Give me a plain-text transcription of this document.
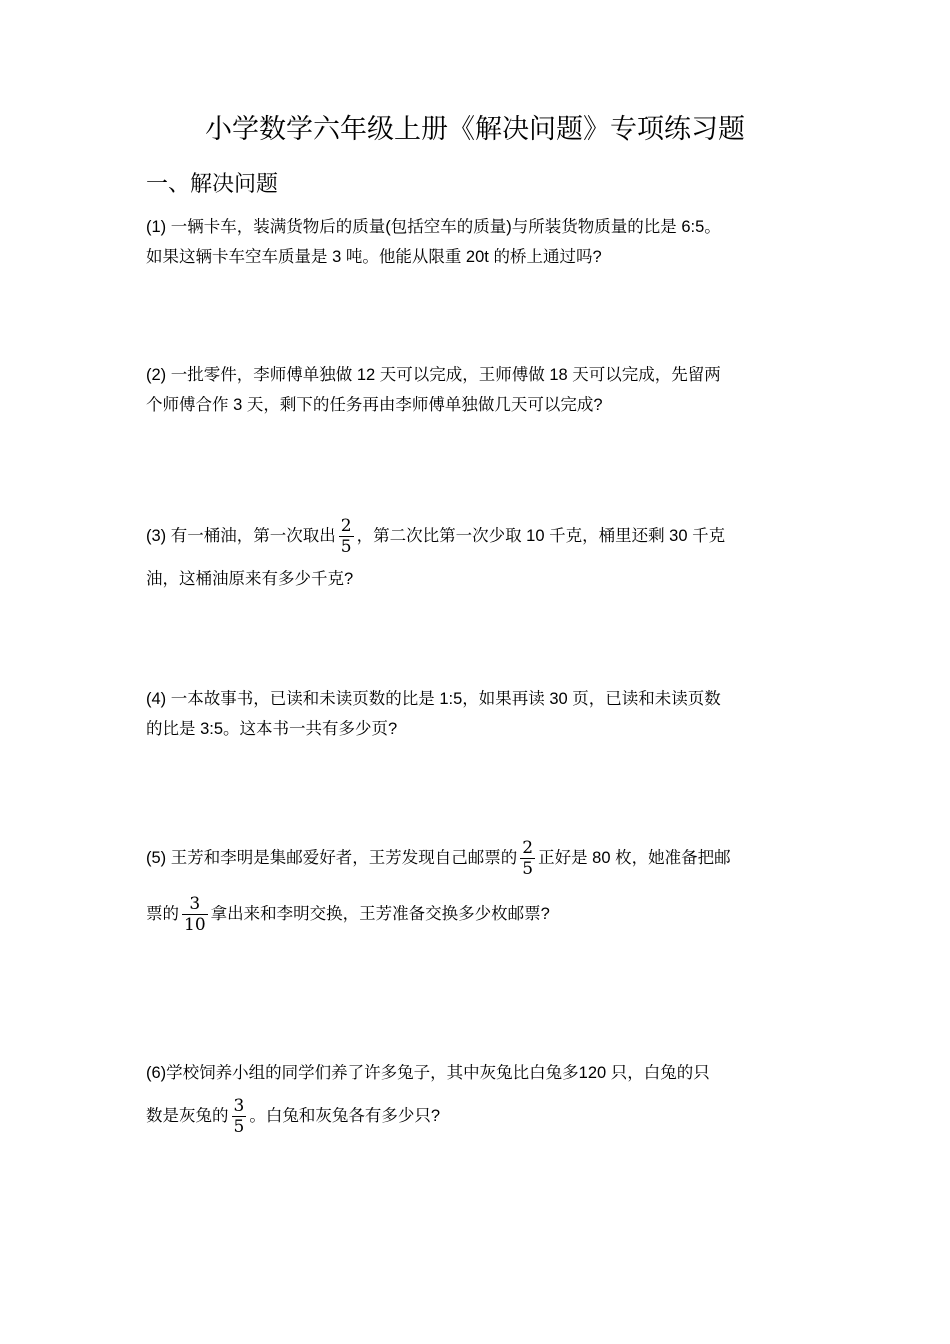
小学数学六年级上册《解决问题》专项练习题
一、解决问题
(1) 一辆卡车，装满货物后的质量(包括空车的质量)与所装货物质量的比是 6:5。
如果这辆卡车空车质量是 3 吨。他能从限重 20t 的桥上通过吗?
(2) 一批零件，李师傅单独做 12 天可以完成，王师傅做 18 天可以完成，先留两
个师傅合作 3 天，剩下的任务再由李师傅单独做几天可以完成?
(3) 有一桶油，第一次取出 $\frac{2}{5}$ ，第二次比第一次少取 10 千克，桶里还剩 30 千克
油，这桶油原来有多少千克?
(4) 一本故事书，已读和未读页数的比是 1:5，如果再读 30 页，已读和未读页数
的比是 3:5。这本书一共有多少页?
(5) 王芳和李明是集邮爱好者，王芳发现自己邮票的 $\frac{2}{5}$ 正好是 80 枚，她准备把邮
票的 $\frac{3}{10}$ 拿出来和李明交换，王芳准备交换多少枚邮票?
(6)学校饲养小组的同学们养了许多兔子，其中灰兔比白兔多120 只，白兔的只
数是灰兔的 $\frac{3}{5}$ 。白兔和灰兔各有多少只?
